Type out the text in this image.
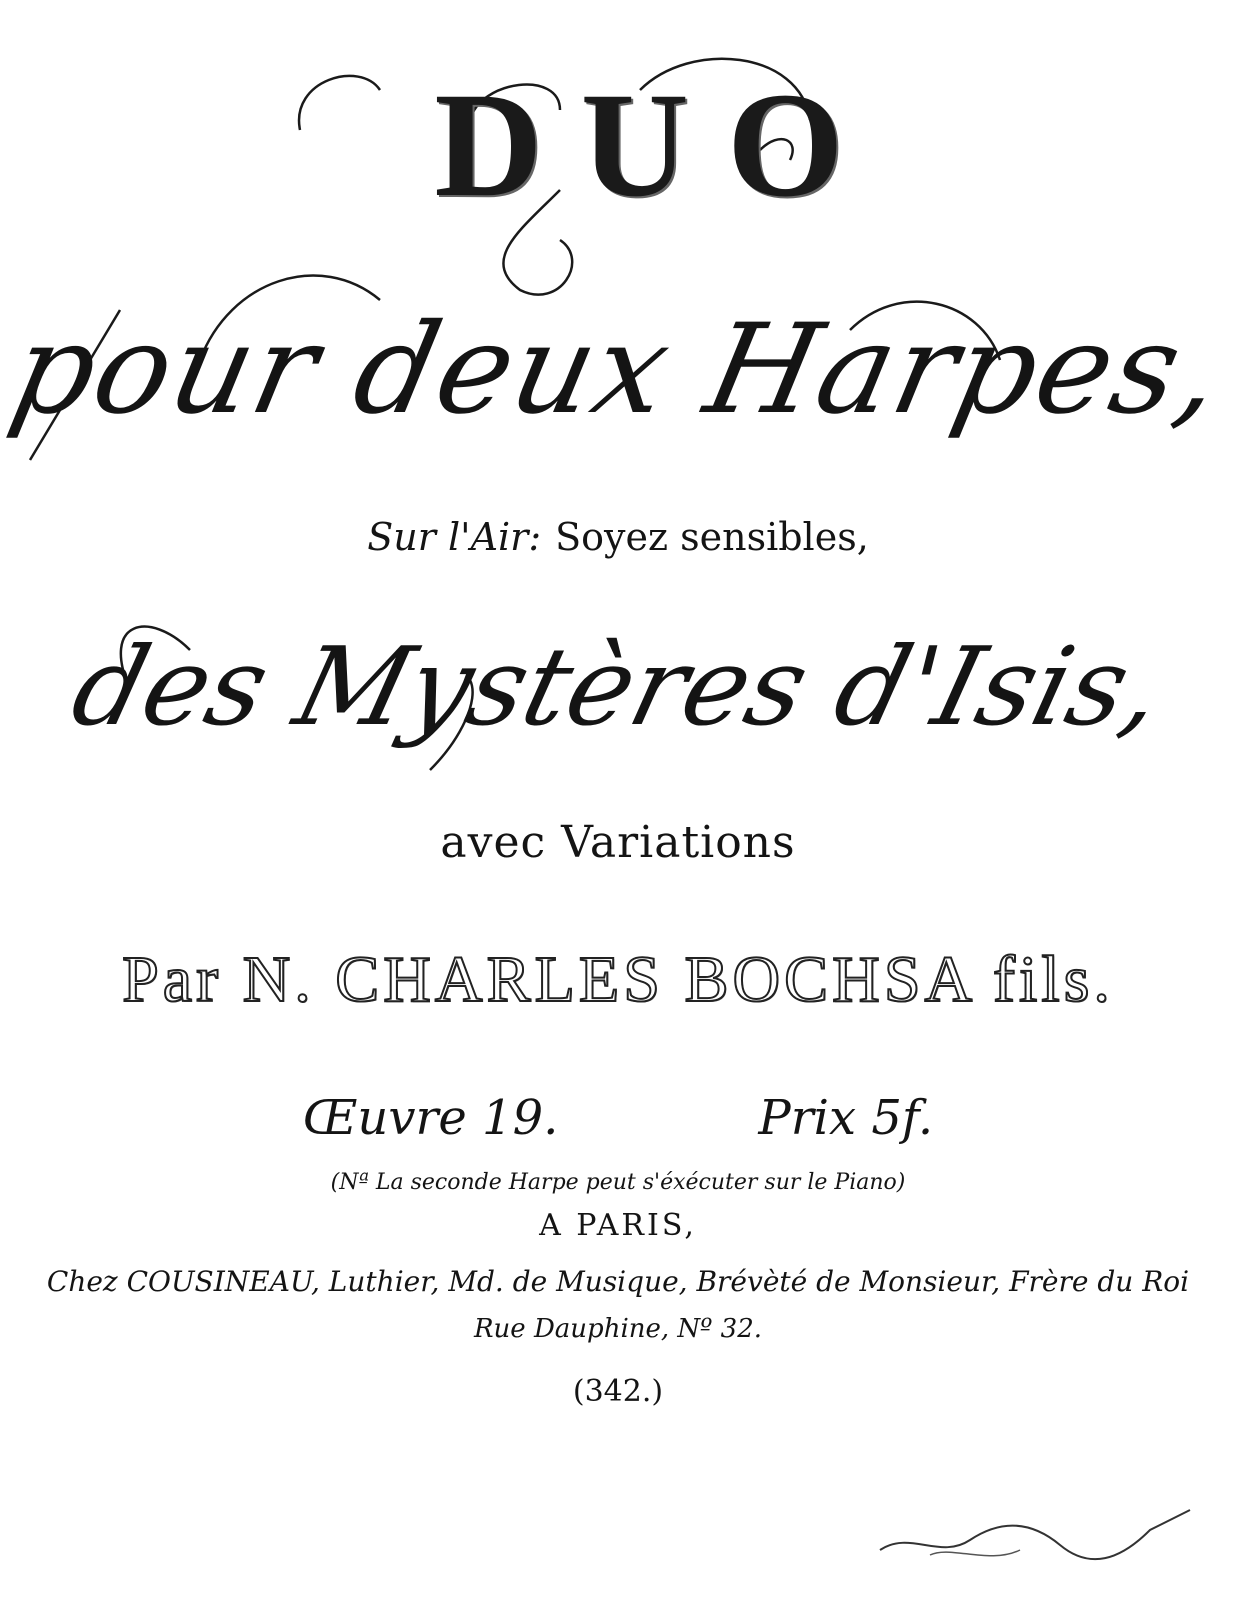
DUO
pour deux Harpes,
Sur l'Air: Soyez sensibles,
des Mystères d'Isis,
avec Variations
Par N. CHARLES BOCHSA fils.
Œuvre 19.	Prix 5f.
(Nª La seconde Harpe peut s'éxécuter sur le Piano)
A PARIS,
Chez COUSINEAU, Luthier, Md. de Musique, Brévèté de Monsieur, Frère du Roi
Rue Dauphine, Nº 32.
(342.)
